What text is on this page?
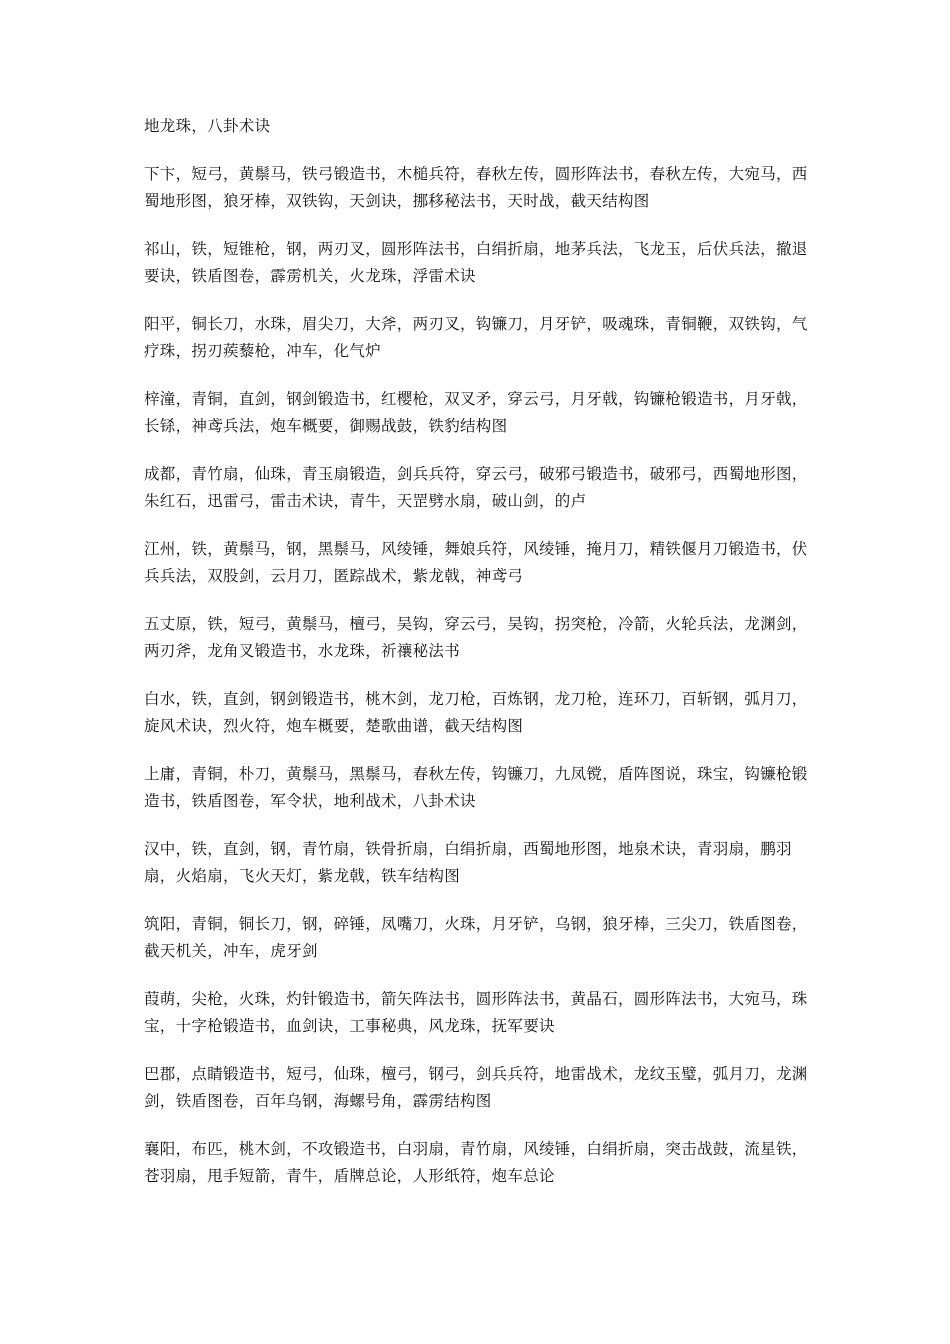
地龙珠，八卦术诀

下卞，短弓，黄鬃马，铁弓锻造书，木槌兵符，春秋左传，圆形阵法书，春秋左传，大宛马，西蜀地形图，狼牙棒，双铁钩，天剑诀，挪移秘法书，天时战，截天结构图

祁山，铁，短锥枪，钢，两刃叉，圆形阵法书，白绢折扇，地茅兵法，飞龙玉，后伏兵法，撤退要诀，铁盾图卷，霹雳机关，火龙珠，浮雷术诀

阳平，铜长刀，水珠，眉尖刀，大斧，两刃叉，钩镰刀，月牙铲，吸魂珠，青铜鞭，双铁钩，气疗珠，拐刃蒺藜枪，冲车，化气炉

梓潼，青铜，直剑，钢剑锻造书，红樱枪，双叉矛，穿云弓，月牙戟，钩镰枪锻造书，月牙戟，长铩，神鸢兵法，炮车概要，御赐战鼓，铁豹结构图

成都，青竹扇，仙珠，青玉扇锻造，剑兵兵符，穿云弓，破邪弓锻造书，破邪弓，西蜀地形图，朱红石，迅雷弓，雷击术诀，青牛，天罡劈水扇，破山剑，的卢

江州，铁，黄鬃马，钢，黑鬃马，风绫锤，舞娘兵符，风绫锤，掩月刀，精铁偃月刀锻造书，伏兵兵法，双股剑，云月刀，匿踪战术，紫龙戟，神鸢弓

五丈原，铁，短弓，黄鬃马，檀弓，吴钩，穿云弓，吴钩，拐突枪，冷箭，火轮兵法，龙渊剑，两刃斧，龙角叉锻造书，水龙珠，祈禳秘法书

白水，铁，直剑，钢剑锻造书，桃木剑，龙刀枪，百炼钢，龙刀枪，连环刀，百斩钢，弧月刀，旋风术诀，烈火符，炮车概要，楚歌曲谱，截天结构图

上庸，青铜，朴刀，黄鬃马，黑鬃马，春秋左传，钩镰刀，九凤镋，盾阵图说，珠宝，钩镰枪锻造书，铁盾图卷，军令状，地利战术，八卦术诀

汉中，铁，直剑，钢，青竹扇，铁骨折扇，白绢折扇，西蜀地形图，地泉术诀，青羽扇，鹏羽扇，火焰扇，飞火天灯，紫龙戟，铁车结构图

筑阳，青铜，铜长刀，钢，碎锤，凤嘴刀，火珠，月牙铲，乌钢，狼牙棒，三尖刀，铁盾图卷，截天机关，冲车，虎牙剑

葭萌，尖枪，火珠，灼针锻造书，箭矢阵法书，圆形阵法书，黄晶石，圆形阵法书，大宛马，珠宝，十字枪锻造书，血剑诀，工事秘典，风龙珠，抚军要诀

巴郡，点睛锻造书，短弓，仙珠，檀弓，钢弓，剑兵兵符，地雷战术，龙纹玉璧，弧月刀，龙渊剑，铁盾图卷，百年乌钢，海螺号角，霹雳结构图

襄阳，布匹，桃木剑，不攻锻造书，白羽扇，青竹扇，风绫锤，白绢折扇，突击战鼓，流星铁，苍羽扇，甩手短箭，青牛，盾牌总论，人形纸符，炮车总论
